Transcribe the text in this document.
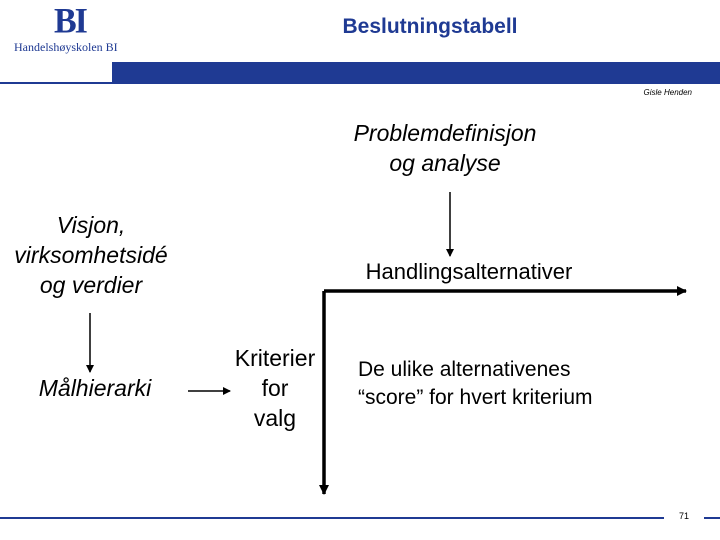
BI
Handelshøyskolen BI
Beslutningstabell
Gisle Henden
Problemdefinisjon
og analyse
Visjon,
virksomhetsidé
og verdier
Handlingsalternativer
Målhierarki
Kriterier
for
valg
De ulike alternativenes
“score” for hvert kriterium
71
